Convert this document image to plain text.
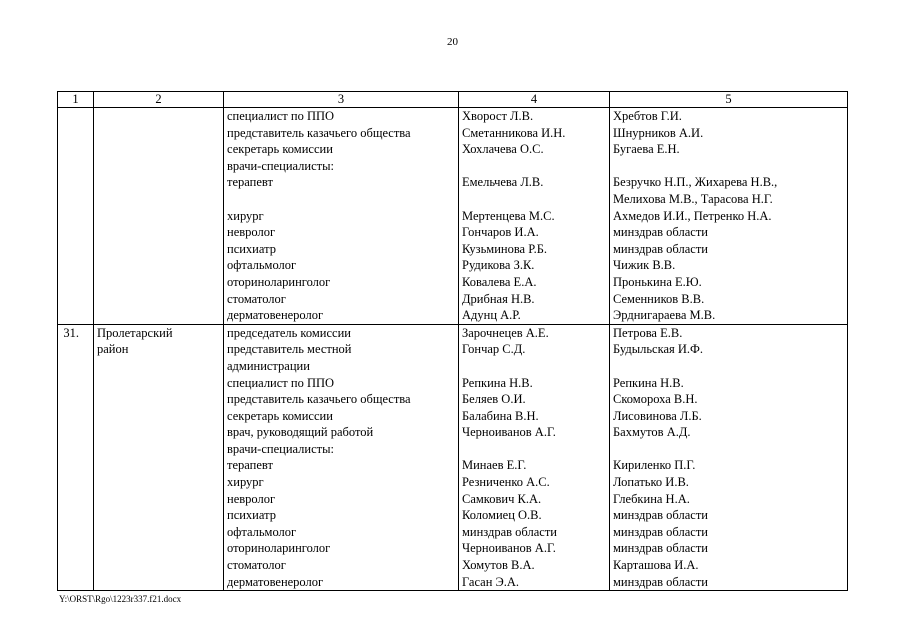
20
1	2	3	4	5
		специалист по ППО	Хворост Л.В.	Хребтов Г.И.
		представитель казачьего общества	Сметанникова И.Н.	Шнурников А.И.
		секретарь комиссии	Хохлачева О.С.	Бугаева Е.Н.
		врачи-специалисты:		
		терапевт	Емельчева Л.В.	Безручко Н.П., Жихарева Н.В.,
				Мелихова М.В., Тарасова Н.Г.
		хирург	Мертенцева М.С.	Ахмедов И.И., Петренко Н.А.
		невролог	Гончаров И.А.	минздрав области
		психиатр	Кузьминова Р.Б.	минздрав области
		офтальмолог	Рудикова З.К.	Чижик В.В.
		оториноларинголог	Ковалева Е.А.	Пронькина Е.Ю.
		стоматолог	Дрибная Н.В.	Семенников В.В.
		дерматовенеролог	Адунц А.Р.	Эрднигараева М.В.
31.	Пролетарский	председатель комиссии	Зарочнецев А.Е.	Петрова Е.В.
	район	представитель местной	Гончар С.Д.	Будыльская И.Ф.
		администрации		
		специалист по ППО	Репкина Н.В.	Репкина Н.В.
		представитель казачьего общества	Беляев О.И.	Скомороха В.Н.
		секретарь комиссии	Балабина В.Н.	Лисовинова Л.Б.
		врач, руководящий работой	Черноиванов А.Г.	Бахмутов А.Д.
		врачи-специалисты:		
		терапевт	Минаев Е.Г.	Кириленко П.Г.
		хирург	Резниченко А.С.	Лопатько И.В.
		невролог	Самкович К.А.	Глебкина Н.А.
		психиатр	Коломиец О.В.	минздрав области
		офтальмолог	минздрав области	минздрав области
		оториноларинголог	Черноиванов А.Г.	минздрав области
		стоматолог	Хомутов В.А.	Карташова И.А.
		дерматовенеролог	Гасан Э.А.	минздрав области
Y:\ORST\Rgo\1223r337.f21.docx
